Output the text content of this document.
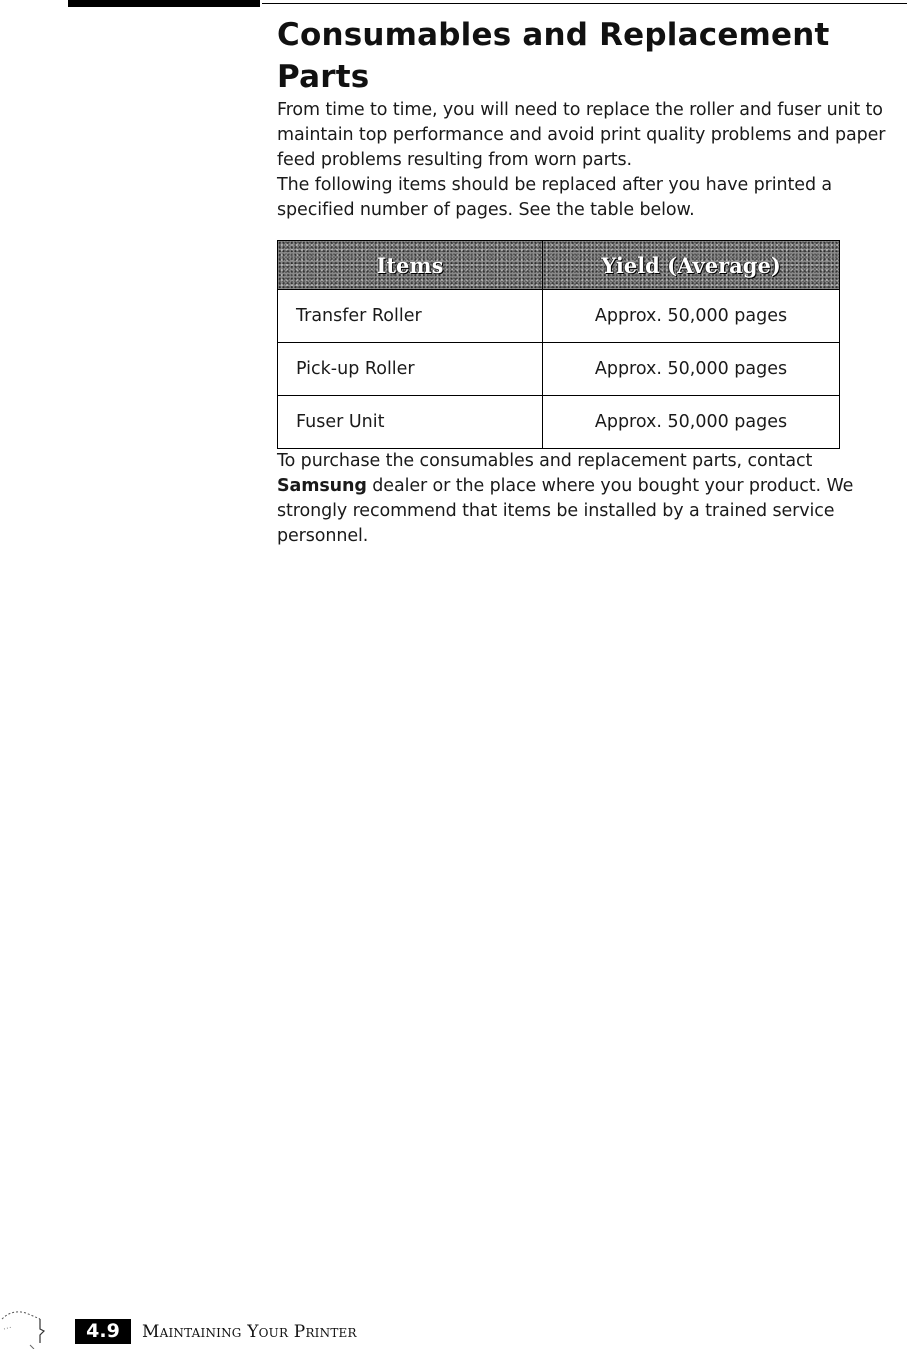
Consumables and Replacement Parts

From time to time, you will need to replace the roller and fuser unit to maintain top performance and avoid print quality problems and paper feed problems resulting from worn parts.

The following items should be replaced after you have printed a specified number of pages. See the table below.

Items	Yield (Average)
Transfer Roller	Approx. 50,000 pages
Pick-up Roller	Approx. 50,000 pages
Fuser Unit	Approx. 50,000 pages

To purchase the consumables and replacement parts, contact Samsung dealer or the place where you bought your product. We strongly recommend that items be installed by a trained service personnel.

4.9	Maintaining Your Printer
